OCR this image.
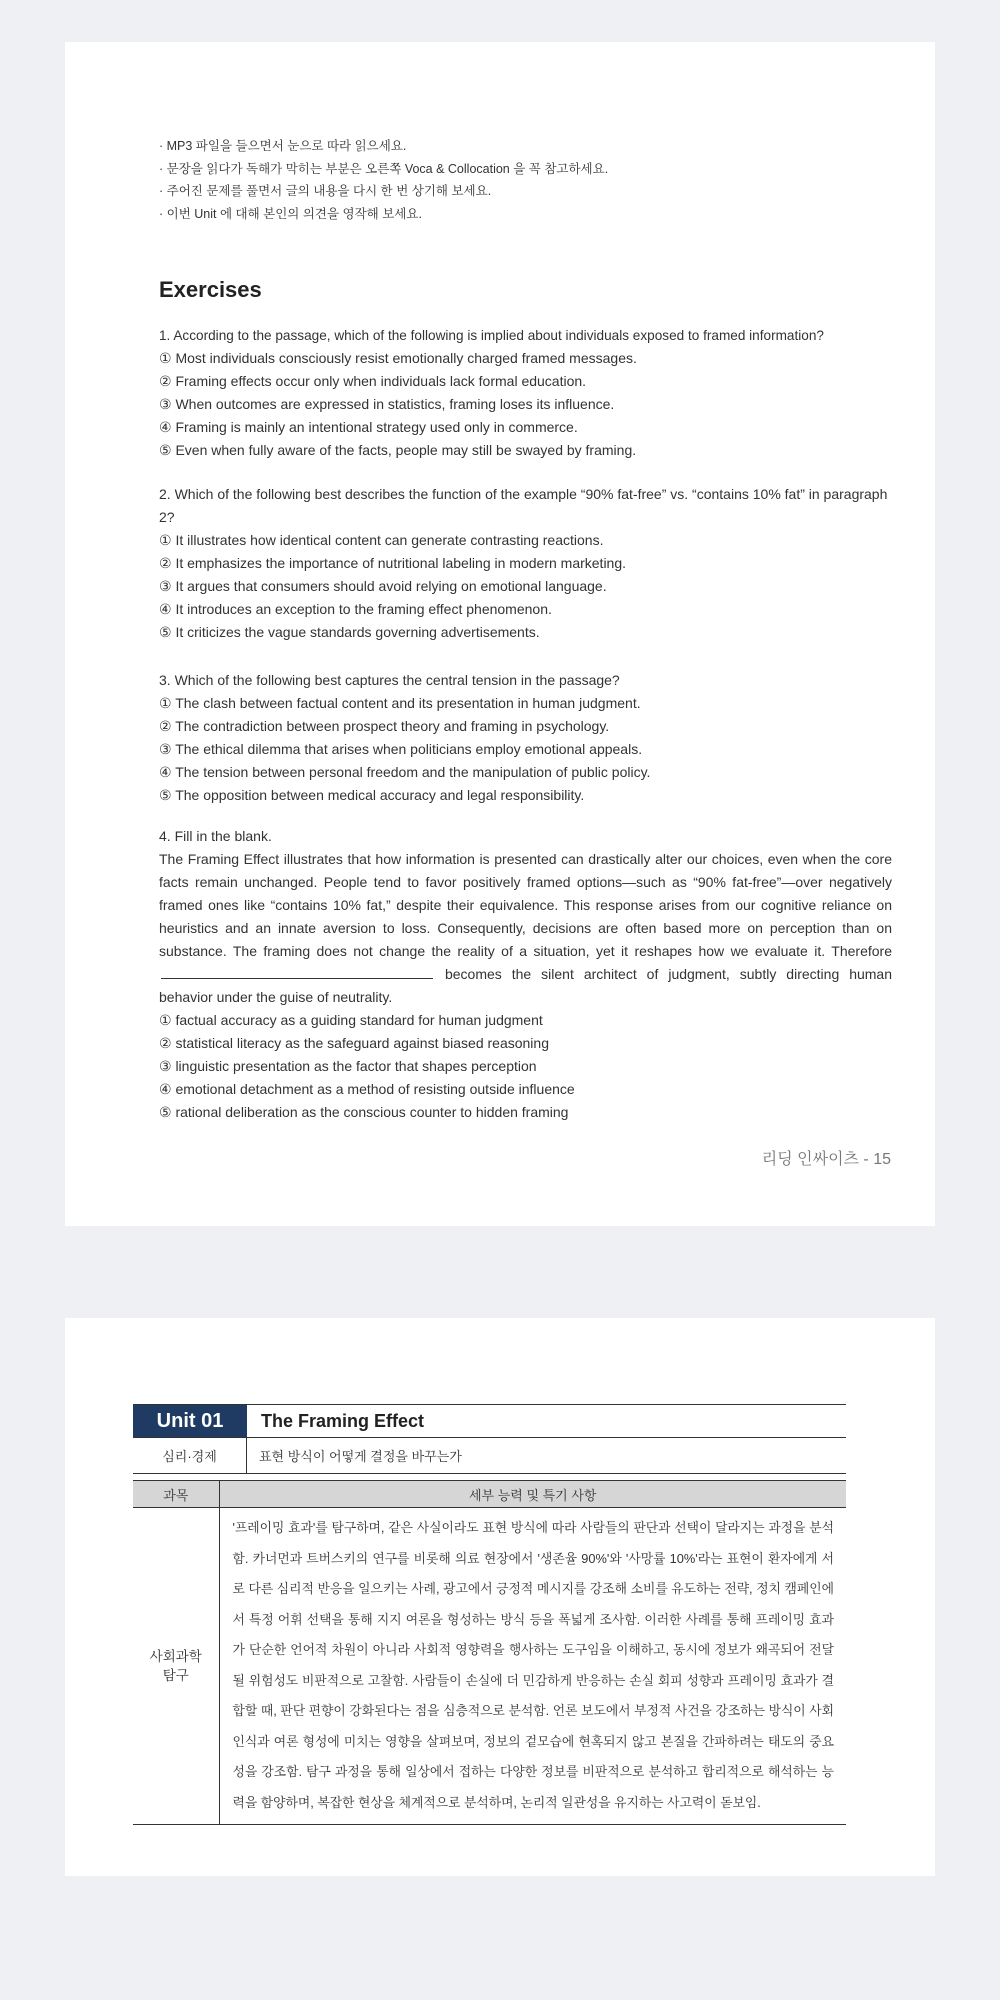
· MP3 파일을 들으면서 눈으로 따라 읽으세요.
· 문장을 읽다가 독해가 막히는 부분은 오른쪽 Voca & Collocation 을 꼭 참고하세요.
· 주어진 문제를 풀면서 글의 내용을 다시 한 번 상기해 보세요.
· 이번 Unit 에 대해 본인의 의견을 영작해 보세요.
Exercises
1. According to the passage, which of the following is implied about individuals exposed to framed information?
① Most individuals consciously resist emotionally charged framed messages.
② Framing effects occur only when individuals lack formal education.
③ When outcomes are expressed in statistics, framing loses its influence.
④ Framing is mainly an intentional strategy used only in commerce.
⑤ Even when fully aware of the facts, people may still be swayed by framing.
2. Which of the following best describes the function of the example “90% fat-free” vs. “contains 10% fat” in paragraph 2?
① It illustrates how identical content can generate contrasting reactions.
② It emphasizes the importance of nutritional labeling in modern marketing.
③ It argues that consumers should avoid relying on emotional language.
④ It introduces an exception to the framing effect phenomenon.
⑤ It criticizes the vague standards governing advertisements.
3. Which of the following best captures the central tension in the passage?
① The clash between factual content and its presentation in human judgment.
② The contradiction between prospect theory and framing in psychology.
③ The ethical dilemma that arises when politicians employ emotional appeals.
④ The tension between personal freedom and the manipulation of public policy.
⑤ The opposition between medical accuracy and legal responsibility.
4. Fill in the blank.
The Framing Effect illustrates that how information is presented can drastically alter our choices, even when the core facts remain unchanged. People tend to favor positively framed options—such as “90% fat-free”—over negatively framed ones like “contains 10% fat,” despite their equivalence. This response arises from our cognitive reliance on heuristics and an innate aversion to loss. Consequently, decisions are often based more on perception than on substance. The framing does not change the reality of a situation, yet it reshapes how we evaluate it. Therefore  becomes the silent architect of judgment, subtly directing human behavior under the guise of neutrality.
① factual accuracy as a guiding standard for human judgment
② statistical literacy as the safeguard against biased reasoning
③ linguistic presentation as the factor that shapes perception
④ emotional detachment as a method of resisting outside influence
⑤ rational deliberation as the conscious counter to hidden framing
리딩 인싸이츠 - 15
Unit 01	The Framing Effect
심리·경제	표현 방식이 어떻게 결정을 바꾸는가
과목	세부 능력 및 특기 사항
사회과학 탐구	'프레이밍 효과'를 탐구하며, 같은 사실이라도 표현 방식에 따라 사람들의 판단과 선택이 달라지는 과정을 분석함. 카너먼과 트버스키의 연구를 비롯해 의료 현장에서 '생존율 90%'와 '사망률 10%'라는 표현이 환자에게 서로 다른 심리적 반응을 일으키는 사례, 광고에서 긍정적 메시지를 강조해 소비를 유도하는 전략, 정치 캠페인에서 특정 어휘 선택을 통해 지지 여론을 형성하는 방식 등을 폭넓게 조사함. 이러한 사례를 통해 프레이밍 효과가 단순한 언어적 차원이 아니라 사회적 영향력을 행사하는 도구임을 이해하고, 동시에 정보가 왜곡되어 전달될 위험성도 비판적으로 고찰함. 사람들이 손실에 더 민감하게 반응하는 손실 회피 성향과 프레이밍 효과가 결합할 때, 판단 편향이 강화된다는 점을 심층적으로 분석함. 언론 보도에서 부정적 사건을 강조하는 방식이 사회 인식과 여론 형성에 미치는 영향을 살펴보며, 정보의 겉모습에 현혹되지 않고 본질을 간파하려는 태도의 중요성을 강조함. 탐구 과정을 통해 일상에서 접하는 다양한 정보를 비판적으로 분석하고 합리적으로 해석하는 능력을 함양하며, 복잡한 현상을 체계적으로 분석하며, 논리적 일관성을 유지하는 사고력이 돋보임.
